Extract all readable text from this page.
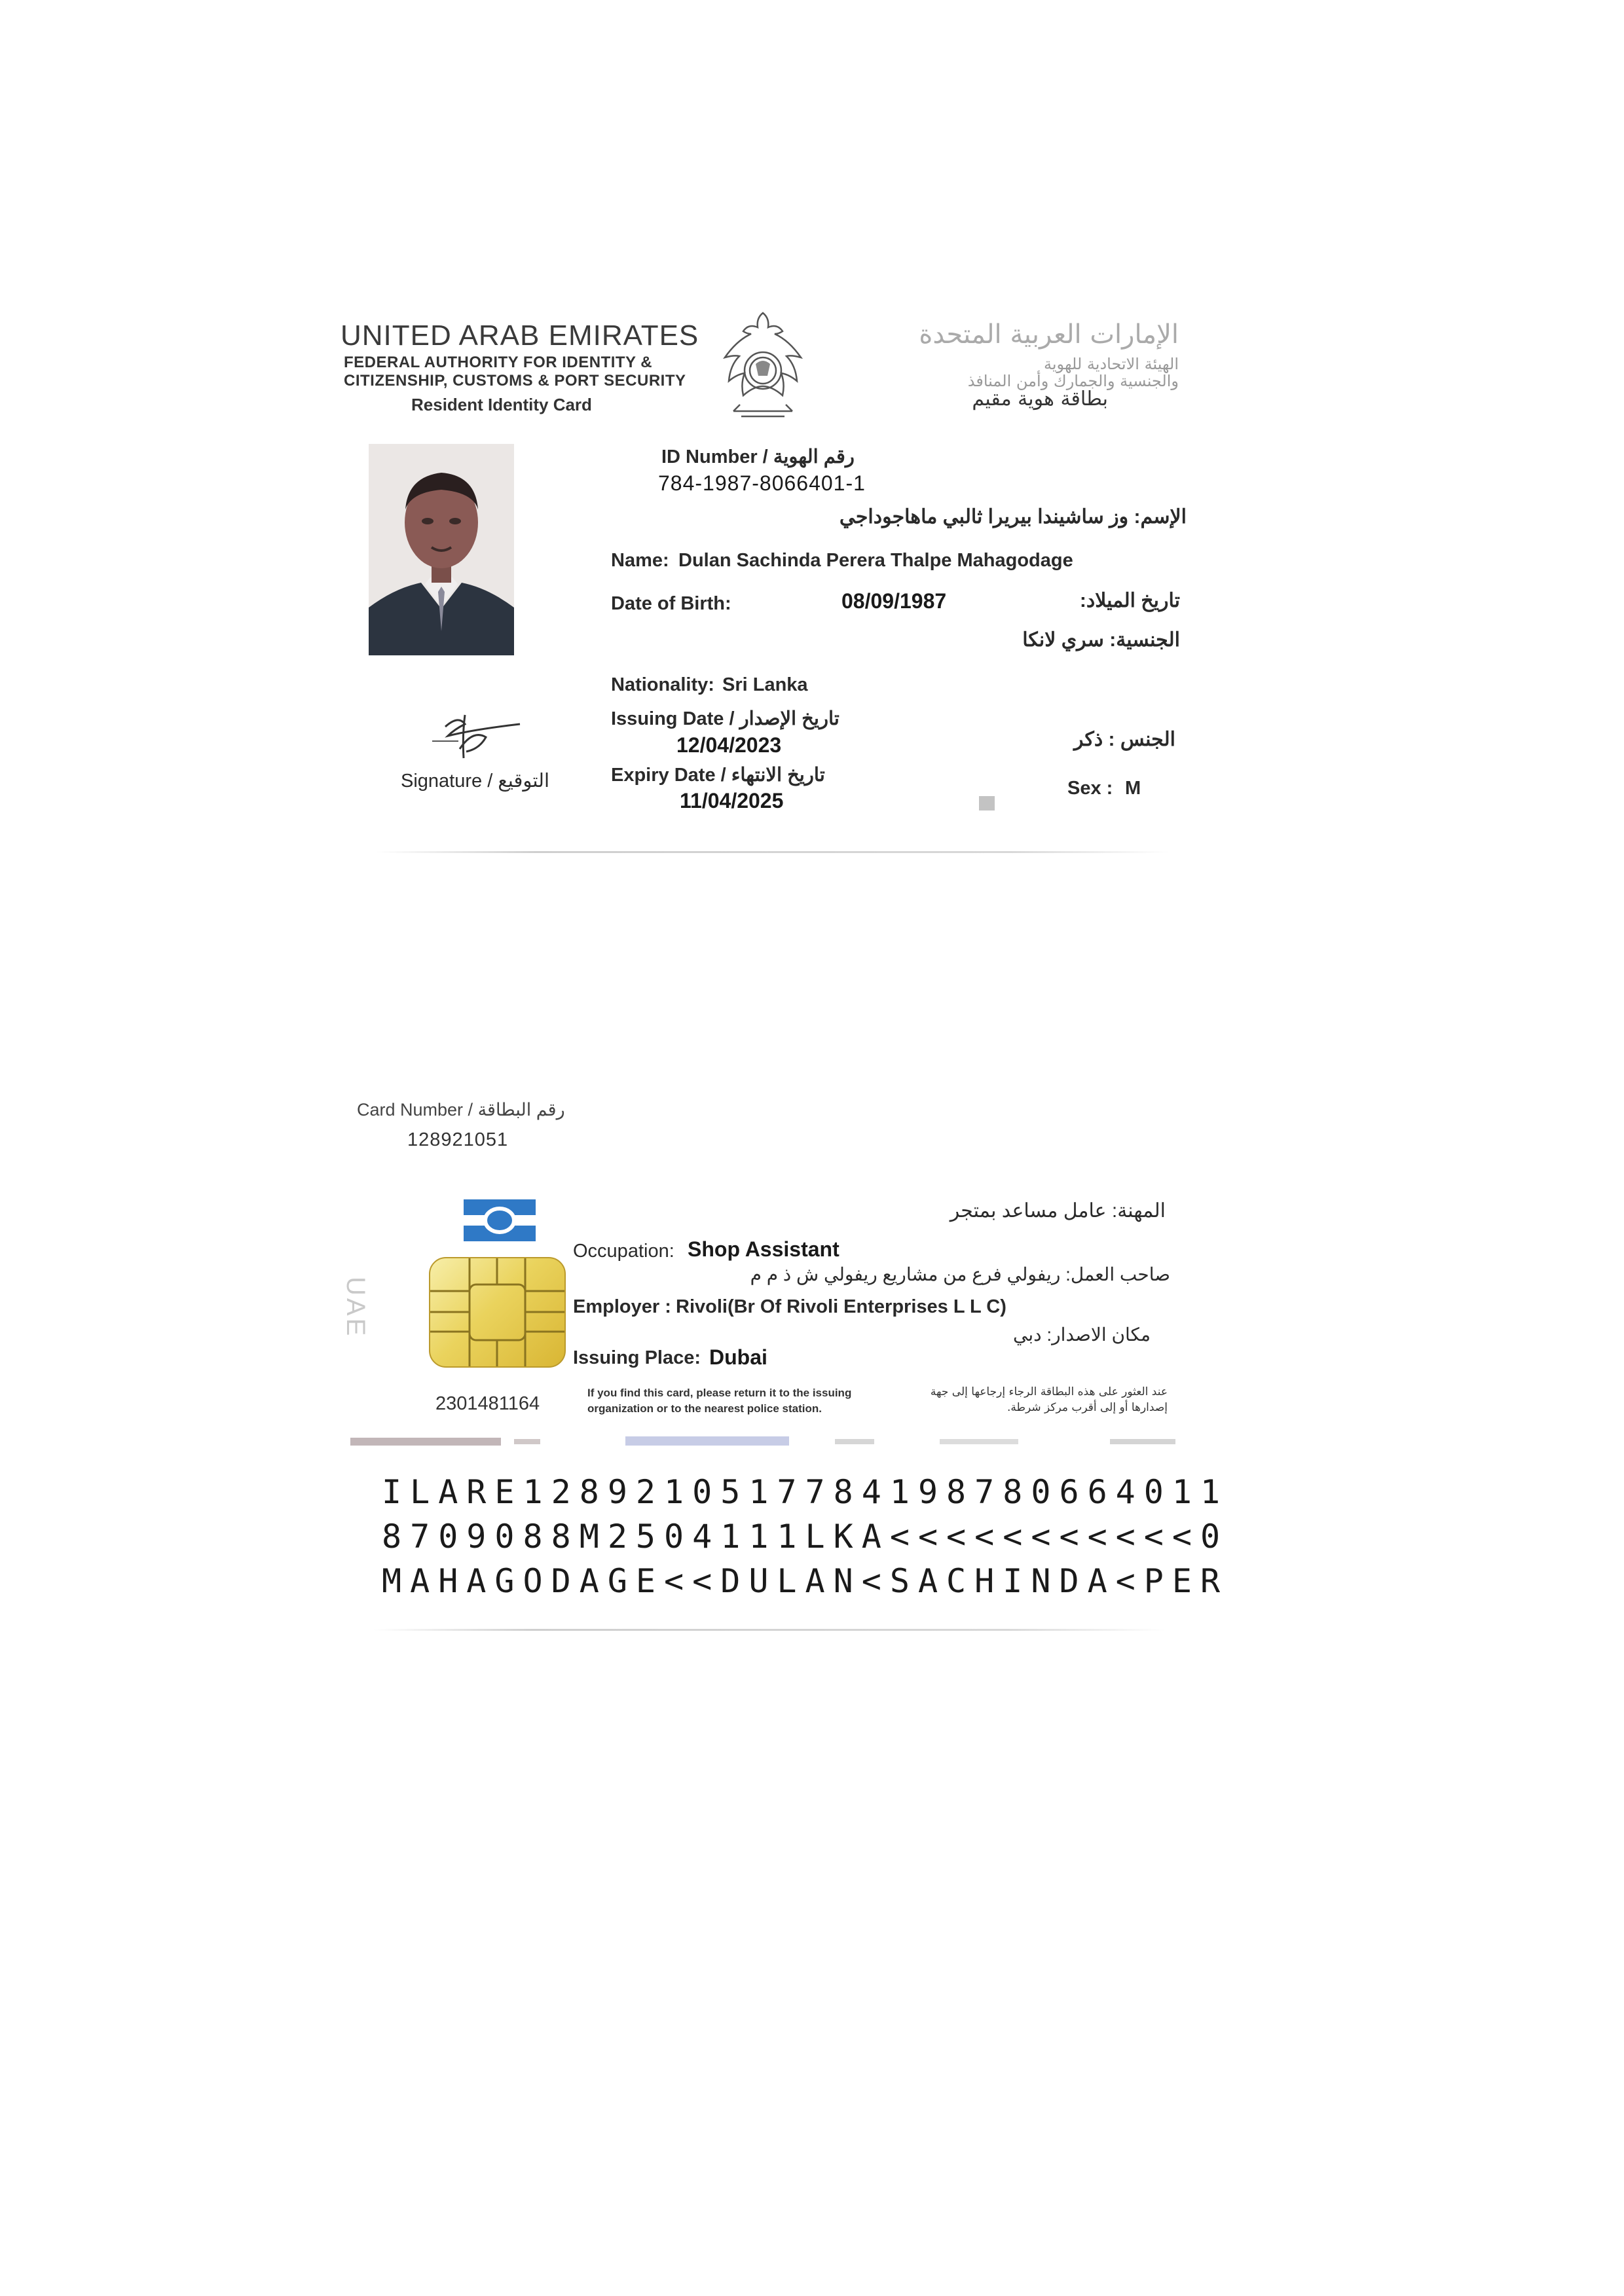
UNITED ARAB EMIRATES
FEDERAL AUTHORITY FOR IDENTITY &
CITIZENSHIP, CUSTOMS & PORT SECURITY
Resident Identity Card
الإمارات العربية المتحدة
الهيئة الاتحادية للهوية
والجنسية والجمارك وأمن المنافذ
بطاقة هوية مقيم
ID Number / رقم الهوية
784-1987-8066401-1
الإسم: وز ساشيندا بيريرا ثالبي ماهاجوداجي
Name: Dulan Sachinda Perera Thalpe Mahagodage
Date of Birth:	08/09/1987	تاريخ الميلاد:
الجنسية: سري لانكا
Nationality: Sri Lanka
Issuing Date / تاريخ الإصدار
12/04/2023
Expiry Date / تاريخ الانتهاء
11/04/2025
الجنس : ذكر
Sex : M
Signature / التوقيع
Card Number / رقم البطاقة
128921051
UAE
المهنة: عامل مساعد بمتجر
Occupation: Shop Assistant
صاحب العمل: ريفولي فرع من مشاريع ريفولي ش ذ م م
Employer : Rivoli(Br Of Rivoli Enterprises L L C)
مكان الاصدار: دبي
Issuing Place: Dubai
2301481164
If you find this card, please return it to the issuing
organization or to the nearest police station.
عند العثور على هذه البطاقة الرجاء إرجاعها إلى جهة
إصدارها أو إلى أقرب مركز شرطة.
ILARE1289210517784198780664011
8709088M2504111LKA<<<<<<<<<<<0
MAHAGODAGE<<DULAN<SACHINDA<PER
